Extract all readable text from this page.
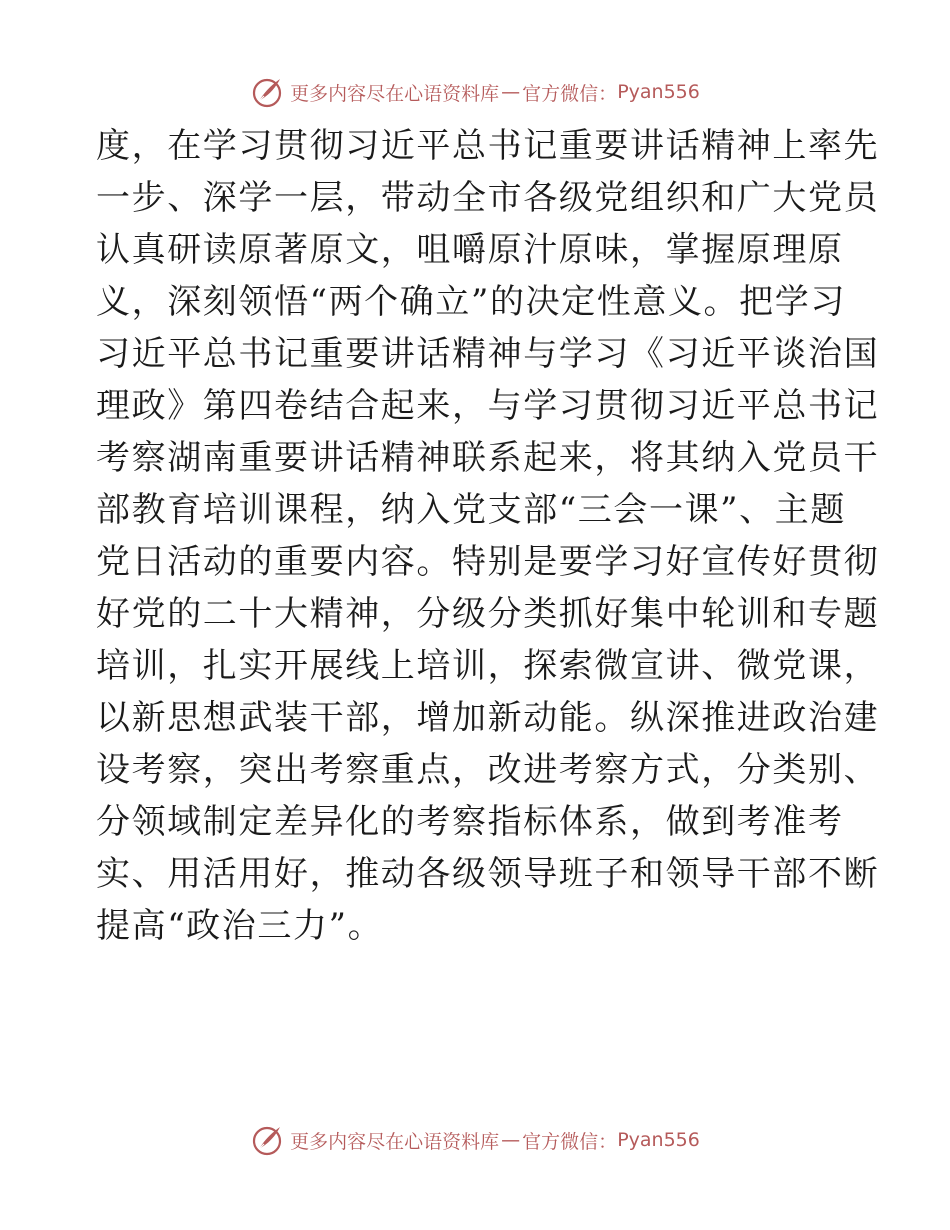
更多内容尽在心语资料库 — 官方微信： Pyan556
度，在学习贯彻习近平总书记重要讲话精神上率先
一步、深学一层，带动全市各级党组织和广大党员
认真研读原著原文，咀嚼原汁原味，掌握原理原
义，深刻领悟“两个确立”的决定性意义。把学习
习近平总书记重要讲话精神与学习《习近平谈治国
理政》第四卷结合起来，与学习贯彻习近平总书记
考察湖南重要讲话精神联系起来，将其纳入党员干
部教育培训课程，纳入党支部“三会一课”、主题
党日活动的重要内容。特别是要学习好宣传好贯彻
好党的二十大精神，分级分类抓好集中轮训和专题
培训，扎实开展线上培训，探索微宣讲、微党课，
以新思想武装干部，增加新动能。纵深推进政治建
设考察，突出考察重点，改进考察方式，分类别、
分领域制定差异化的考察指标体系，做到考准考
实、用活用好，推动各级领导班子和领导干部不断
提高“政治三力”。
更多内容尽在心语资料库 — 官方微信： Pyan556
